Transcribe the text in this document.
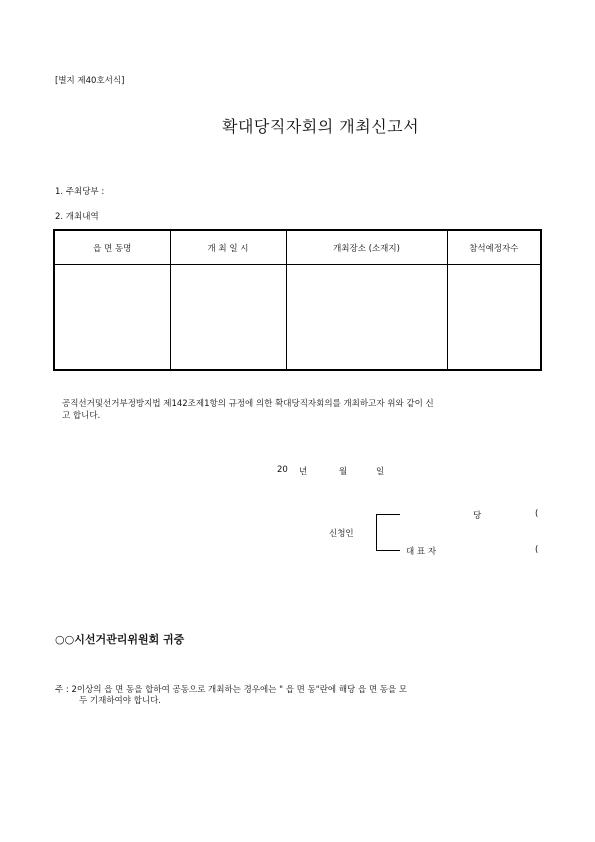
[별지 제40호서식]
확대당직자회의 개최신고서
1. 주최당부 :
2. 개최내역
읍 면 동명	개 최 일 시	개최장소 (소재지)	참석예정자수

공직선거및선거부정방지법 제142조제1항의 규정에 의한 확대당직자회의를 개최하고자 위와 같이 신
고 합니다.
20 년	월	일
신청인
당	(
대 표 자	(
○○시선거관리위원회 귀중
주 : 2이상의 읍 면 동을 합하여 공동으로 개최하는 경우에는 " 읍 면 동"란에 해당 읍 면 동을 모
두 기재하여야 합니다.
